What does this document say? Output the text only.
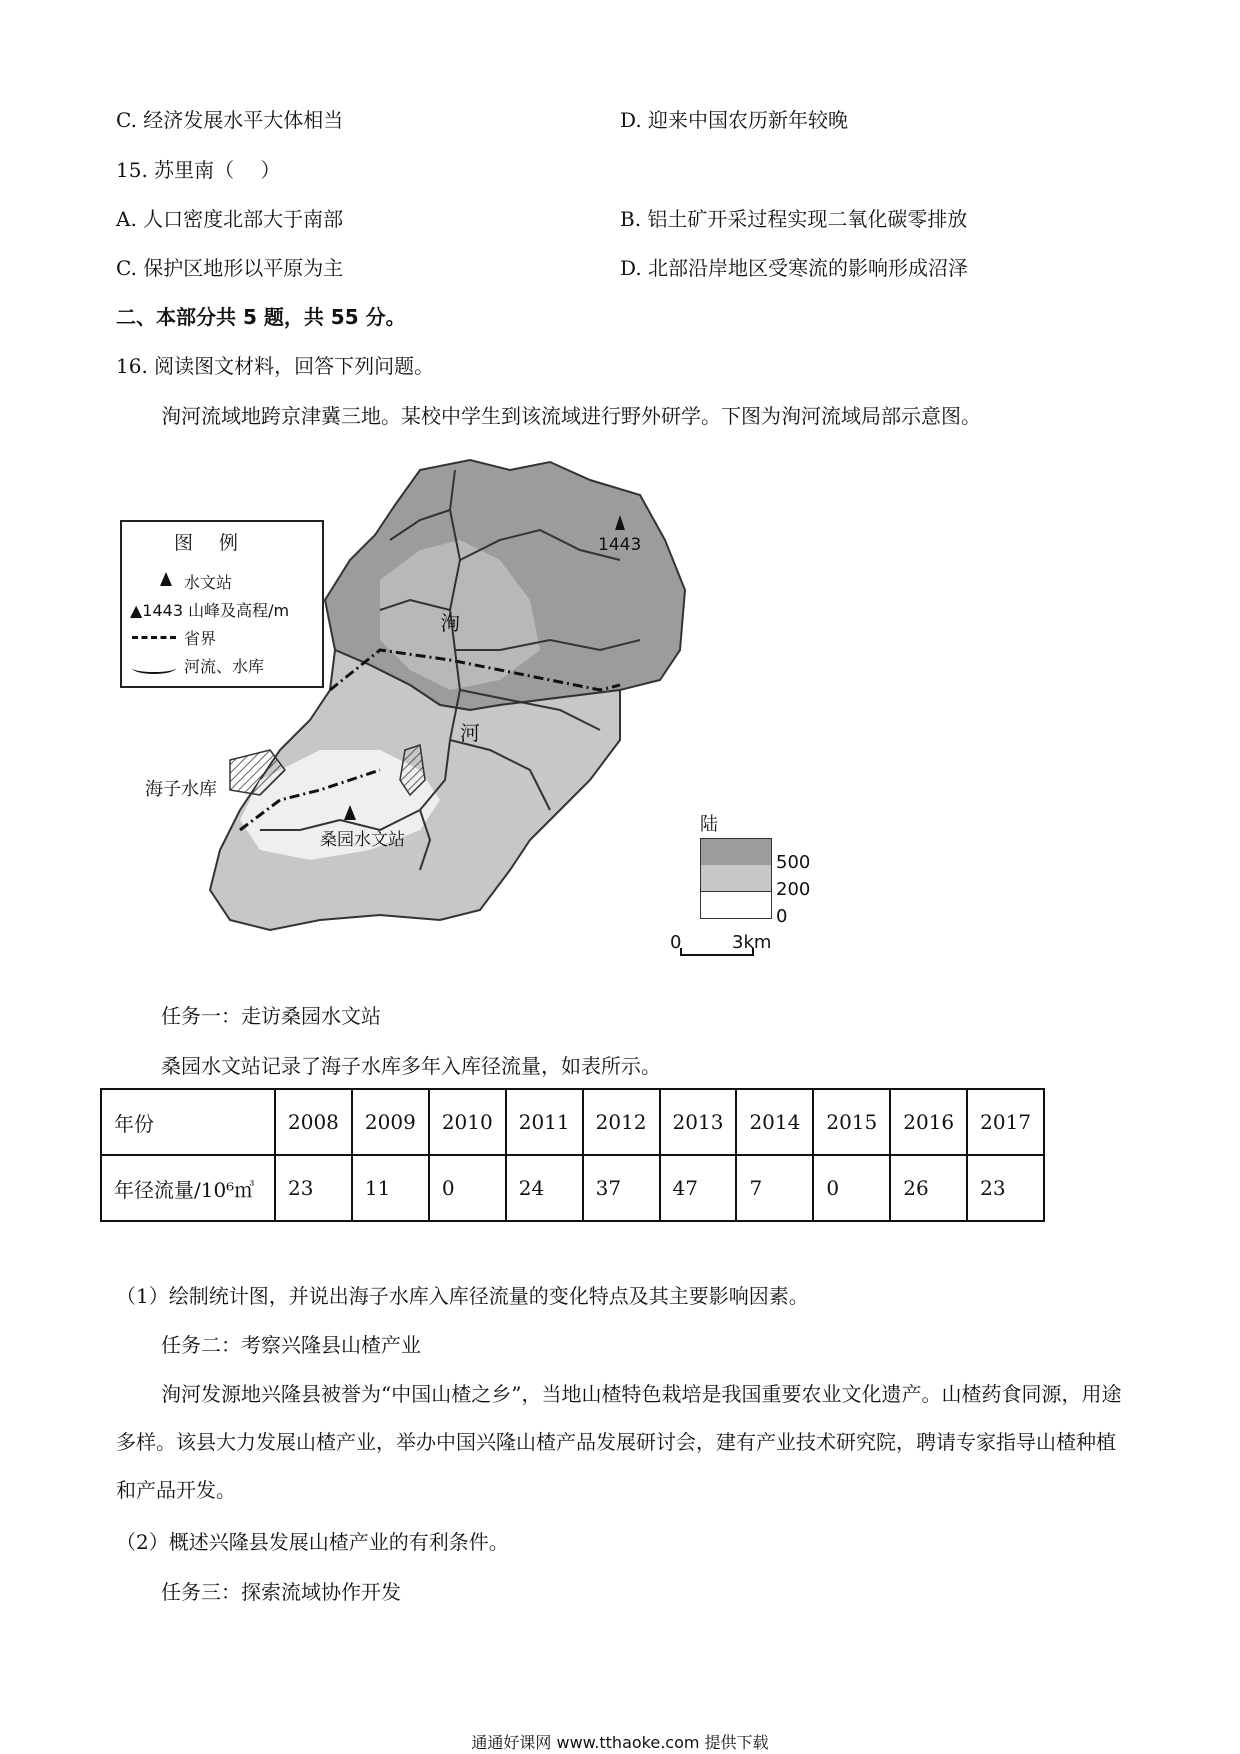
C. 经济发展水平大体相当	D. 迎来中国农历新年较晚
15. 苏里南（　 ）
A. 人口密度北部大于南部	B. 铝土矿开采过程实现二氧化碳零排放
C. 保护区地形以平原为主	D. 北部沿岸地区受寒流的影响形成沼泽
二、本部分共 5 题，共 55 分。
16. 阅读图文材料，回答下列问题。
洵河流域地跨京津冀三地。某校中学生到该流域进行野外研学。下图为洵河流域局部示意图。
1443
洵
河
海子水库
桑园水文站
图 例
水文站
▲1443 山峰及高程/m
省界
河流、水库
陆
500
200
0
0	3km
任务一：走访桑园水文站
桑园水文站记录了海子水库多年入库径流量，如表所示。
年份	2008	2009	2010	2011	2012	2013	2014	2015	2016	2017
年径流量/10⁶㎥	23	11	0	24	37	47	7	0	26	23
（1）绘制统计图，并说出海子水库入库径流量的变化特点及其主要影响因素。
任务二：考察兴隆县山楂产业
洵河发源地兴隆县被誉为“中国山楂之乡”，当地山楂特色栽培是我国重要农业文化遗产。山楂药食同源，用途多样。该县大力发展山楂产业，举办中国兴隆山楂产品发展研讨会，建有产业技术研究院，聘请专家指导山楂种植和产品开发。
（2）概述兴隆县发展山楂产业的有利条件。
任务三：探索流域协作开发
通通好课网 www.tthaoke.com 提供下载
